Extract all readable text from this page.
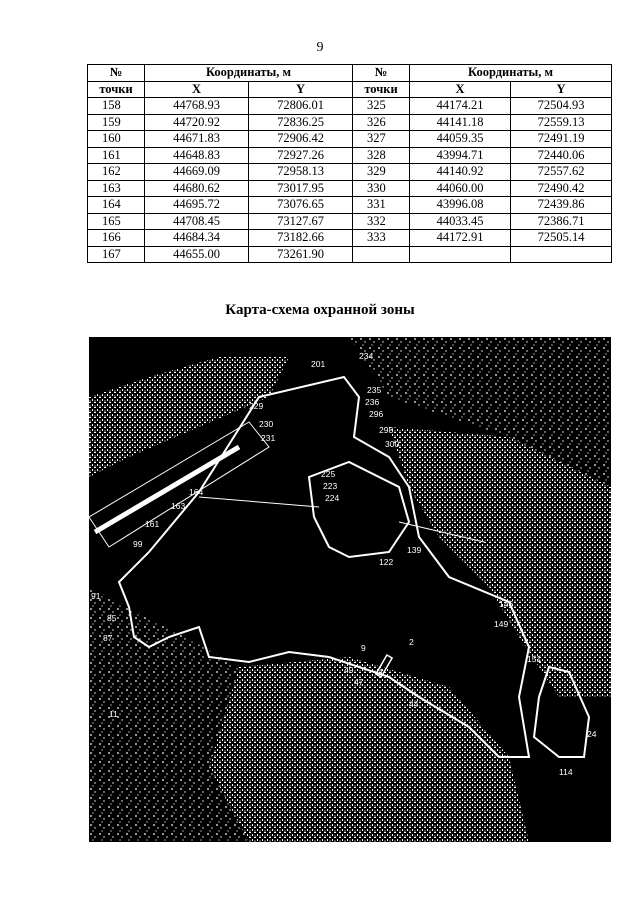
9
№	Координаты, м		№	Координаты, м	
точки	X	Y	точки	X	Y
158	44768.93	72806.01	325	44174.21	72504.93
159	44720.92	72836.25	326	44141.18	72559.13
160	44671.83	72906.42	327	44059.35	72491.19
161	44648.83	72927.26	328	43994.71	72440.06
162	44669.09	72958.13	329	44140.92	72557.62
163	44680.62	73017.95	330	44060.00	72490.42
164	44695.72	73076.65	331	43996.08	72439.86
165	44708.45	73127.67	332	44033.45	72386.71
166	44684.34	73182.66	333	44172.91	72505.14
167	44655.00	73261.90			
Карта-схема охранной зоны
201
229
230
231
234
235
236
296
298
300
225
223
224
164
163
161
99
91
85
87
9
2
1
49
47
44
122
139
146
149
151
11
24
114
